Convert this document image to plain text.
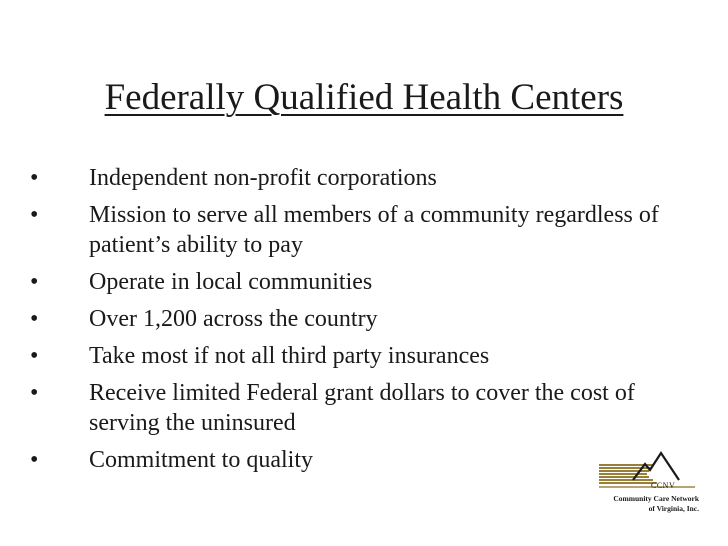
Federally Qualified Health Centers
•	Independent non-profit corporations
•	Mission to serve all members of a community regardless of patient’s ability to pay
•	Operate in local communities
•	Over 1,200 across the country
•	Take most if not all third party insurances
•	Receive limited Federal grant dollars to cover the cost of serving the uninsured
•	Commitment to quality
CCNV
Community Care Network
of Virginia, Inc.
